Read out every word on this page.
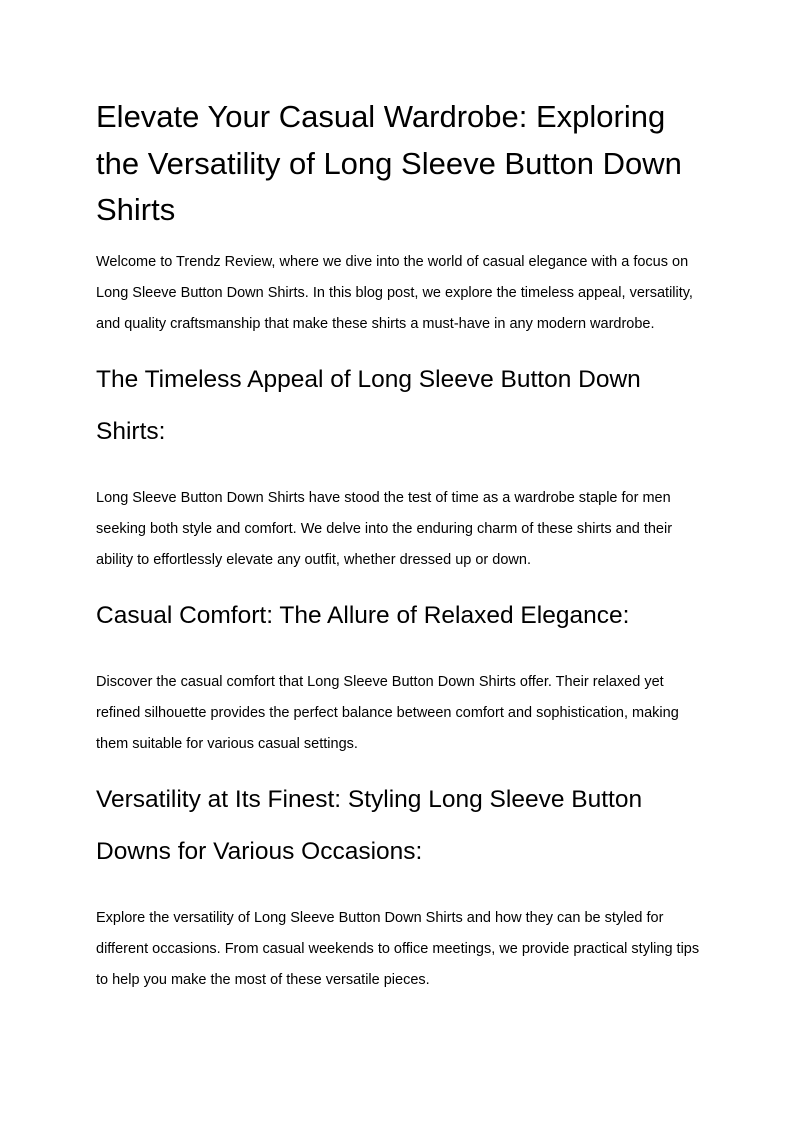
Elevate Your Casual Wardrobe: Exploring the Versatility of Long Sleeve Button Down Shirts

Welcome to Trendz Review, where we dive into the world of casual elegance with a focus on Long Sleeve Button Down Shirts. In this blog post, we explore the timeless appeal, versatility, and quality craftsmanship that make these shirts a must-have in any modern wardrobe.

The Timeless Appeal of Long Sleeve Button Down Shirts:

Long Sleeve Button Down Shirts have stood the test of time as a wardrobe staple for men seeking both style and comfort. We delve into the enduring charm of these shirts and their ability to effortlessly elevate any outfit, whether dressed up or down.

Casual Comfort: The Allure of Relaxed Elegance:

Discover the casual comfort that Long Sleeve Button Down Shirts offer. Their relaxed yet refined silhouette provides the perfect balance between comfort and sophistication, making them suitable for various casual settings.

Versatility at Its Finest: Styling Long Sleeve Button Downs for Various Occasions:

Explore the versatility of Long Sleeve Button Down Shirts and how they can be styled for different occasions. From casual weekends to office meetings, we provide practical styling tips to help you make the most of these versatile pieces.
